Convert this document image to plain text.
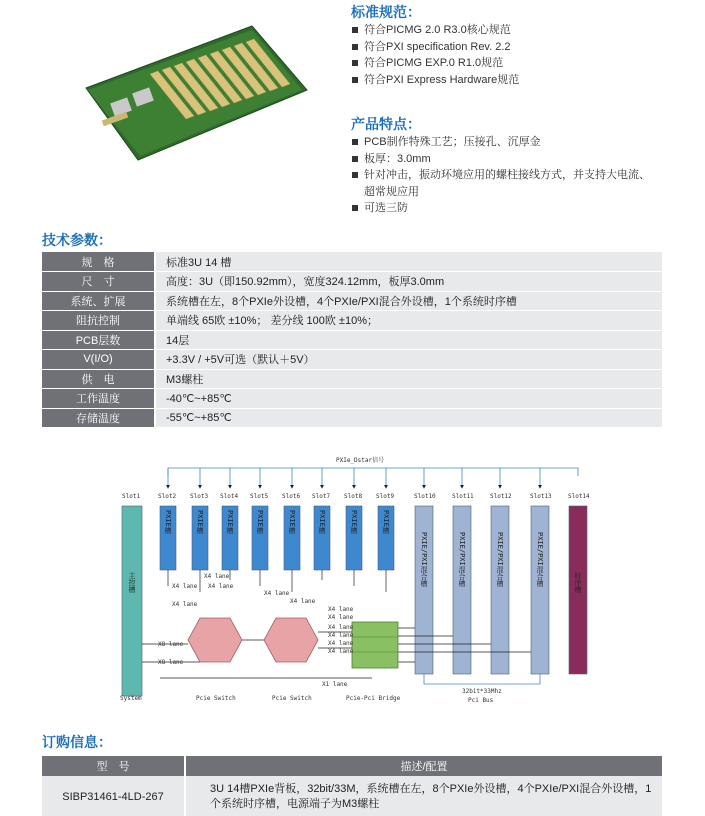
标准规范：
符合PICMG 2.0 R3.0核心规范
符合PXI specification Rev. 2.2
符合PICMG EXP.0 R1.0规范
符合PXI Express Hardware规范
产品特点：
PCB制作特殊工艺；压接孔、沉厚金
板厚：3.0mm
针对冲击，振动环境应用的螺柱接线方式，并支持大电流、
超常规应用
可选三防
技术参数：
规　格	标准3U 14 槽
尺　寸	高度：3U（即150.92mm），宽度324.12mm，板厚3.0mm
系统、扩展	系统槽在左，8个PXIe外设槽，4个PXIe/PXI混合外设槽，1个系统时序槽
阻抗控制	单端线 65欧 ±10%； 差分线 100欧 ±10%；
PCB层数	14层
V(I/O)	+3.3V / +5V可选（默认＋5V）
供　电	M3螺柱
工作温度	-40℃~+85℃
存储温度	-55℃~+85℃
PXIe_Dstar信号
Slot1	Slot2 Slot3 Slot4 Slot5 Slot6 Slot7 Slot8 Slot9	Slot10	Slot11	Slot12	Slot13	Slot14
主控槽
PXIE槽	PXIE槽	PXIE槽	PXIE槽	PXIE槽	PXIE槽	PXIE槽	PXIE槽
PXIE/PXI混合槽	PXIE/PXI混合槽	PXIE/PXI混合槽	PXIE/PXI混合槽	时序槽
X4 lane
X4 lane
X4 lane
X4 lane
X4 lane
X4 lane
X4 lane
X4 lane
X4 lane
X4 lane
X4 lane
X4 lane
X8 lane
X8 lane
X1 lane
System	Pcie Switch	Pcie Switch	Pcie-Pci Bridge
32bit*33Mhz
Pci Bus
订购信息：
型　号	描述/配置
SIBP31461-4LD-267	3U 14槽PXIe背板，32bit/33M，系统槽在左，8个PXIe外设槽，4个PXIe/PXI混合外设槽，1个系统时序槽，电源端子为M3螺柱
